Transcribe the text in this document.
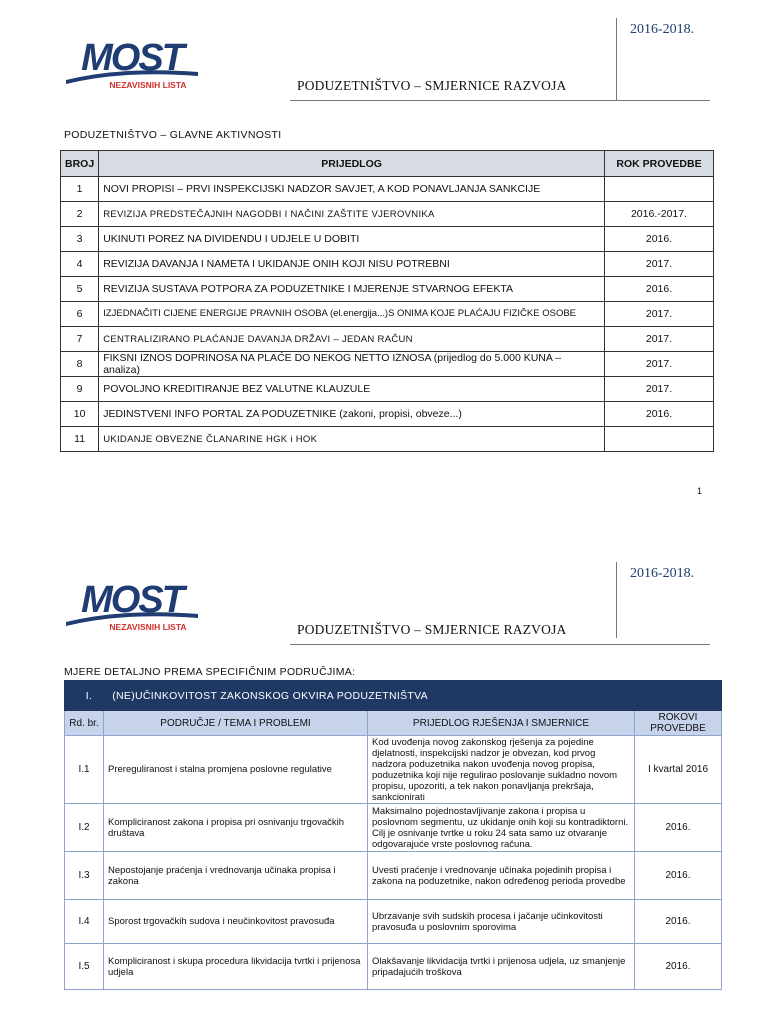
MOST
NEZAVISNIH LISTA
2016-2018.
PODUZETNIŠTVO – SMJERNICE RAZVOJA
PODUZETNIŠTVO – GLAVNE AKTIVNOSTI
BROJ	PRIJEDLOG	ROK PROVEDBE
1	NOVI PROPISI – PRVI INSPEKCIJSKI NADZOR SAVJET, A KOD PONAVLJANJA SANKCIJE	
2	REVIZIJA PREDSTEČAJNIH NAGODBI I NAČINI ZAŠTITE VJEROVNIKA	2016.-2017.
3	UKINUTI POREZ NA DIVIDENDU I UDJELE U DOBITI	2016.
4	REVIZIJA DAVANJA I NAMETA I UKIDANJE ONIH KOJI NISU POTREBNI	2017.
5	REVIZIJA SUSTAVA POTPORA ZA PODUZETNIKE I MJERENJE STVARNOG EFEKTA	2016.
6	IZJEDNAČITI CIJENE ENERGIJE PRAVNIH OSOBA (el.energija...)S ONIMA KOJE PLAĆAJU FIZIČKE OSOBE	2017.
7	CENTRALIZIRANO PLAĆANJE DAVANJA DRŽAVI – JEDAN RAČUN	2017.
8	FIKSNI IZNOS DOPRINOSA NA PLAĆE DO NEKOG NETTO IZNOSA (prijedlog do 5.000 KUNA – analiza)	2017.
9	POVOLJNO KREDITIRANJE BEZ VALUTNE KLAUZULE	2017.
10	JEDINSTVENI INFO PORTAL ZA PODUZETNIKE (zakoni, propisi, obveze...)	2016.
11	UKIDANJE OBVEZNE ČLANARINE HGK i HOK	
1
MOST
NEZAVISNIH LISTA
2016-2018.
PODUZETNIŠTVO – SMJERNICE RAZVOJA
MJERE DETALJNO PREMA SPECIFIČNIM PODRUČJIMA:
I. (NE)UČINKOVITOST ZAKONSKOG OKVIRA PODUZETNIŠTVA			
Rd. br.	PODRUČJE / TEMA I PROBLEMI	PRIJEDLOG RJEŠENJA I SMJERNICE	ROKOVI PROVEDBE
I.1	Prereguliranost i stalna promjena poslovne regulative	Kod uvođenja novog zakonskog rješenja za pojedine djelatnosti, inspekcijski nadzor je obvezan, kod prvog nadzora poduzetnika nakon uvođenja novog propisa, poduzetnika koji nije regulirao poslovanje sukladno novom propisu, upozoriti, a tek nakon ponavljanja prekršaja, sankcionirati	I kvartal 2016
I.2	Kompliciranost zakona i propisa pri osnivanju trgovačkih društava	Maksimalno pojednostavljivanje zakona i propisa u poslovnom segmentu, uz ukidanje onih koji su kontradiktorni. Cilj je osnivanje tvrtke u roku 24 sata samo uz otvaranje odgovarajuće vrste poslovnog računa.	2016.
I.3	Nepostojanje praćenja i vrednovanja učinaka propisa i zakona	Uvesti praćenje i vrednovanje učinaka pojedinih propisa i zakona na poduzetnike, nakon određenog perioda provedbe	2016.
I.4	Sporost trgovačkih sudova i neučinkovitost pravosuđa	Ubrzavanje svih sudskih procesa i jačanje učinkovitosti pravosuđa u poslovnim sporovima	2016.
I.5	Kompliciranost i skupa procedura likvidacija tvrtki i prijenosa udjela	Olakšavanje likvidacija tvrtki i prijenosa udjela, uz smanjenje pripadajućih troškova	2016.
